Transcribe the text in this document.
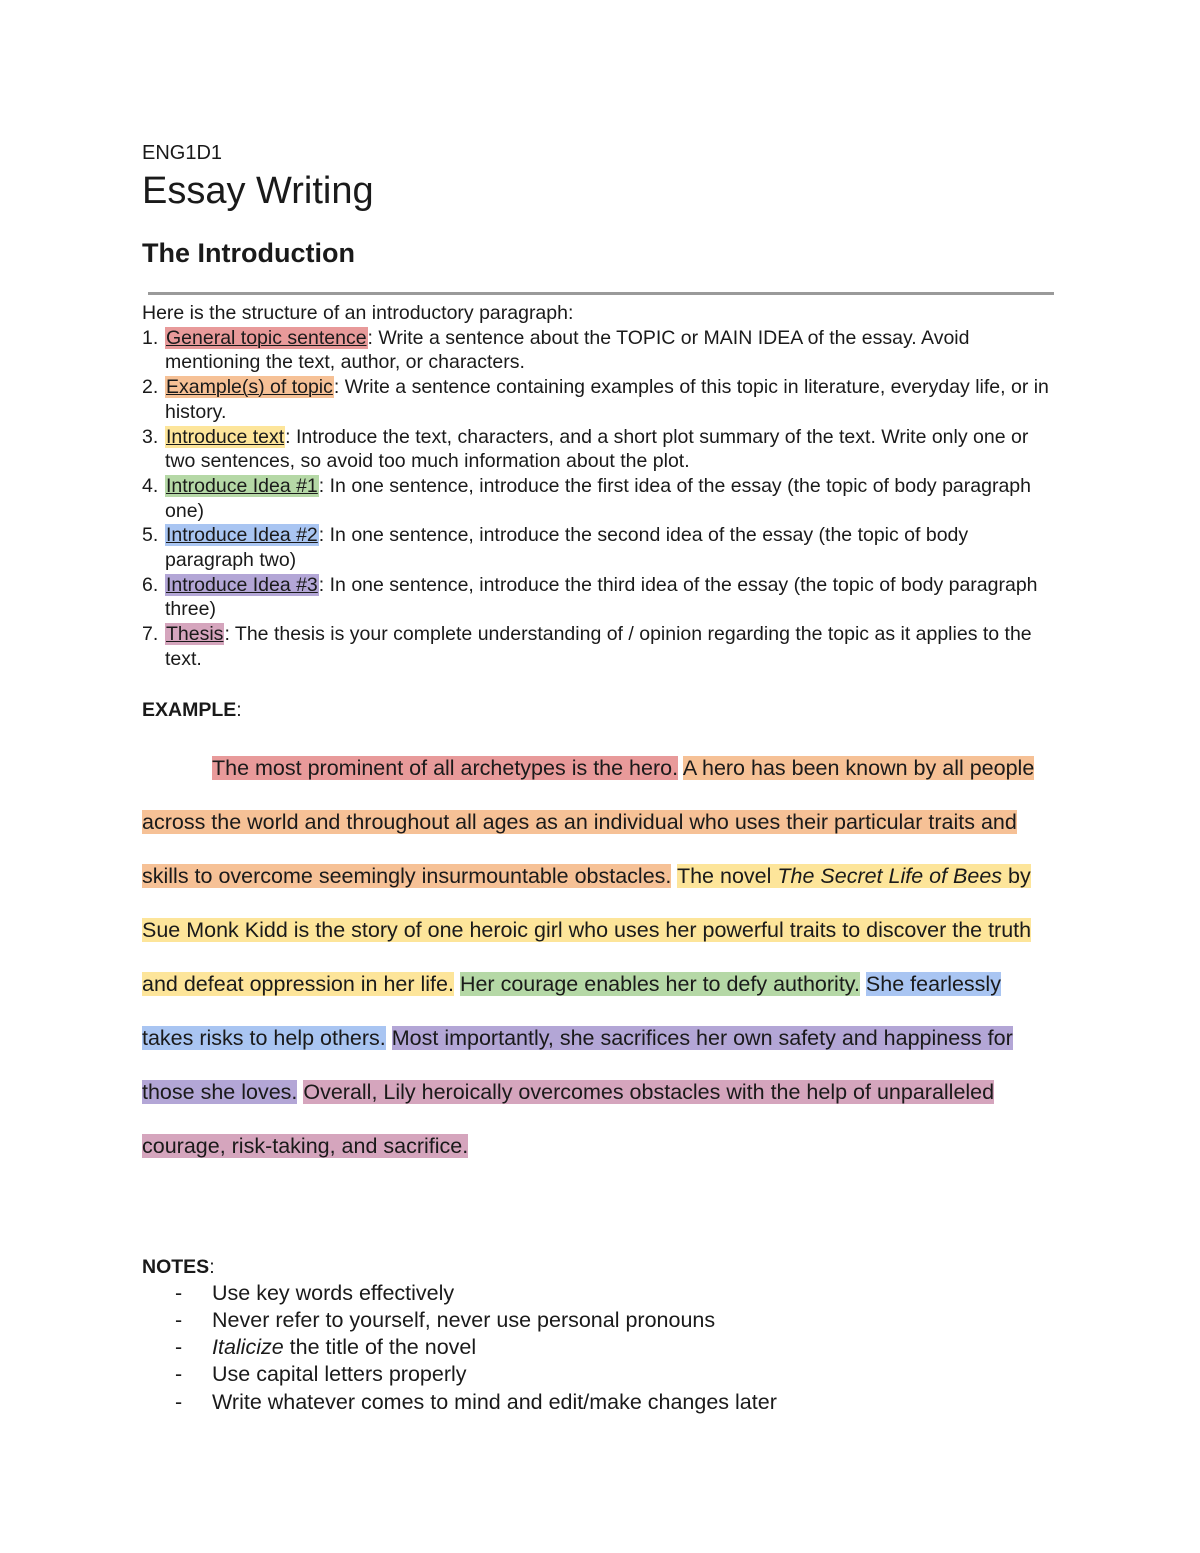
ENG1D1

Essay Writing
The Introduction

Here is the structure of an introductory paragraph:

1. General topic sentence: Write a sentence about the TOPIC or MAIN IDEA of the essay. Avoid mentioning the text, author, or characters.
2. Example(s) of topic: Write a sentence containing examples of this topic in literature, everyday life, or in history.
3. Introduce text: Introduce the text, characters, and a short plot summary of the text. Write only one or two sentences, so avoid too much information about the plot.
4. Introduce Idea #1: In one sentence, introduce the first idea of the essay (the topic of body paragraph one)
5. Introduce Idea #2: In one sentence, introduce the second idea of the essay (the topic of body paragraph two)
6. Introduce Idea #3: In one sentence, introduce the third idea of the essay (the topic of body paragraph three)
7. Thesis: The thesis is your complete understanding of / opinion regarding the topic as it applies to the text.

EXAMPLE:

The most prominent of all archetypes is the hero. A hero has been known by all people across the world and throughout all ages as an individual who uses their particular traits and skills to overcome seemingly insurmountable obstacles. The novel The Secret Life of Bees by Sue Monk Kidd is the story of one heroic girl who uses her powerful traits to discover the truth and defeat oppression in her life. Her courage enables her to defy authority. She fearlessly takes risks to help others. Most importantly, she sacrifices her own safety and happiness for those she loves. Overall, Lily heroically overcomes obstacles with the help of unparalleled courage, risk-taking, and sacrifice.

NOTES:

- Use key words effectively
- Never refer to yourself, never use personal pronouns
- Italicize the title of the novel
- Use capital letters properly
- Write whatever comes to mind and edit/make changes later
